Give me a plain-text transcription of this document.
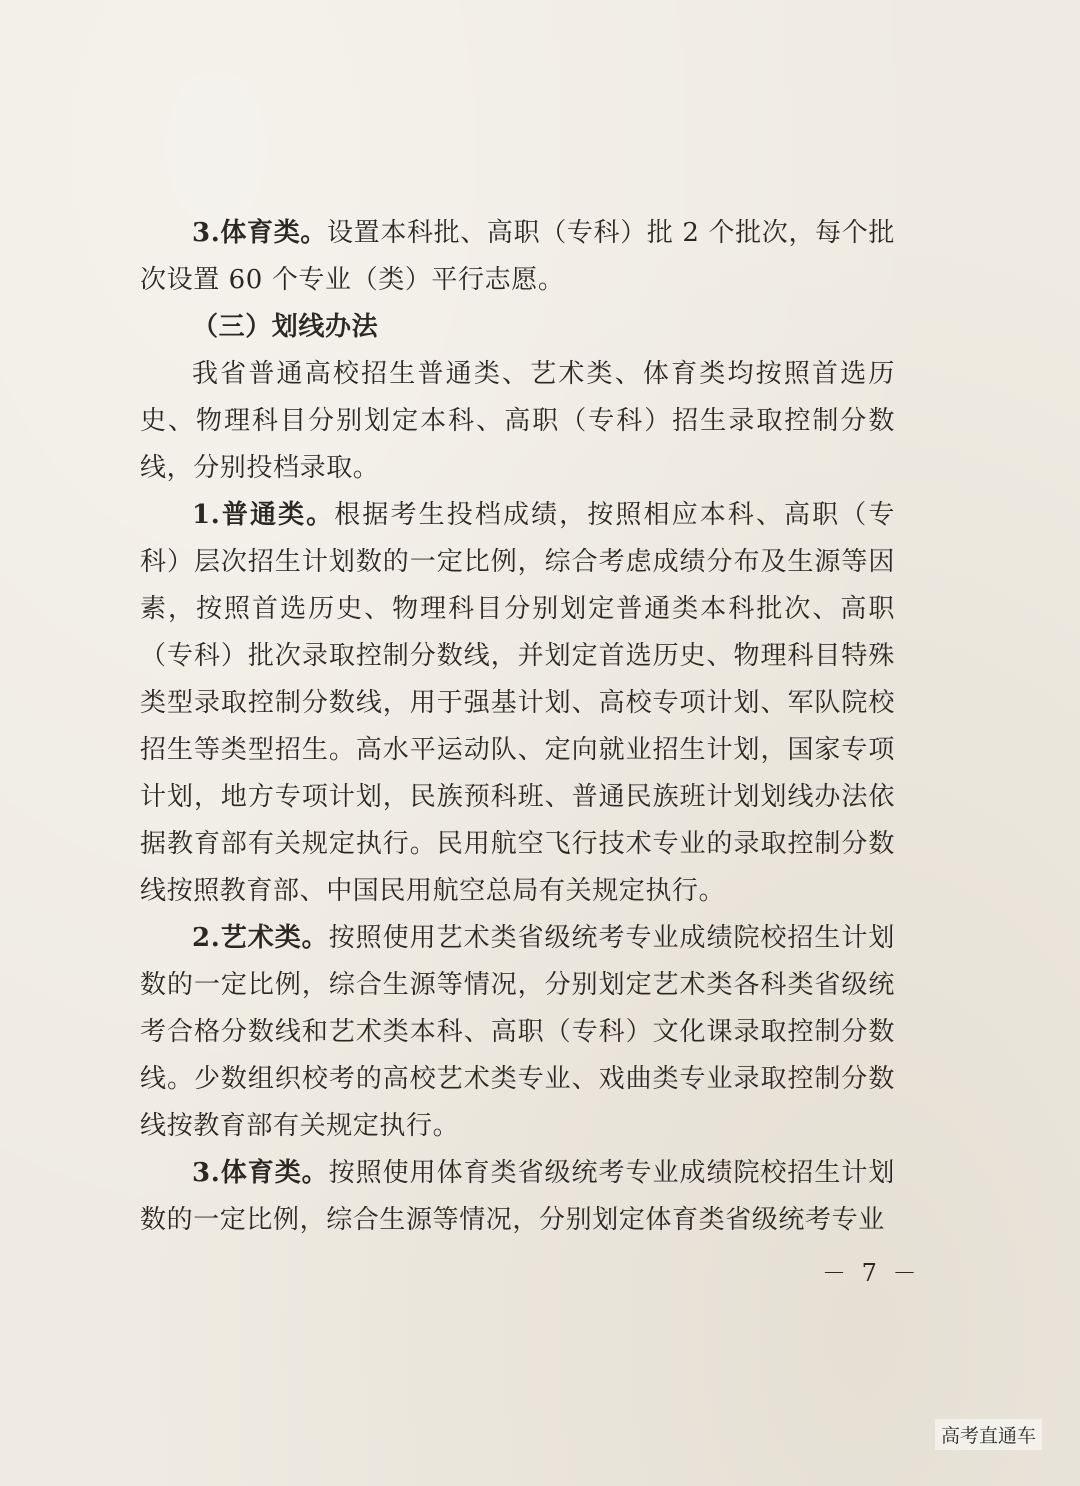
3.体育类。设置本科批、高职（专科）批 2 个批次，每个批次设置 60 个专业（类）平行志愿。

（三）划线办法

我省普通高校招生普通类、艺术类、体育类均按照首选历史、物理科目分别划定本科、高职（专科）招生录取控制分数线，分别投档录取。

1.普通类。根据考生投档成绩，按照相应本科、高职（专科）层次招生计划数的一定比例，综合考虑成绩分布及生源等因素，按照首选历史、物理科目分别划定普通类本科批次、高职（专科）批次录取控制分数线，并划定首选历史、物理科目特殊类型录取控制分数线，用于强基计划、高校专项计划、军队院校招生等类型招生。高水平运动队、定向就业招生计划，国家专项计划，地方专项计划，民族预科班、普通民族班计划划线办法依据教育部有关规定执行。民用航空飞行技术专业的录取控制分数线按照教育部、中国民用航空总局有关规定执行。

2.艺术类。按照使用艺术类省级统考专业成绩院校招生计划数的一定比例，综合生源等情况，分别划定艺术类各科类省级统考合格分数线和艺术类本科、高职（专科）文化课录取控制分数线。少数组织校考的高校艺术类专业、戏曲类专业录取控制分数线按教育部有关规定执行。

3.体育类。按照使用体育类省级统考专业成绩院校招生计划数的一定比例，综合生源等情况，分别划定体育类省级统考专业

－ 7 －
高考直通车
